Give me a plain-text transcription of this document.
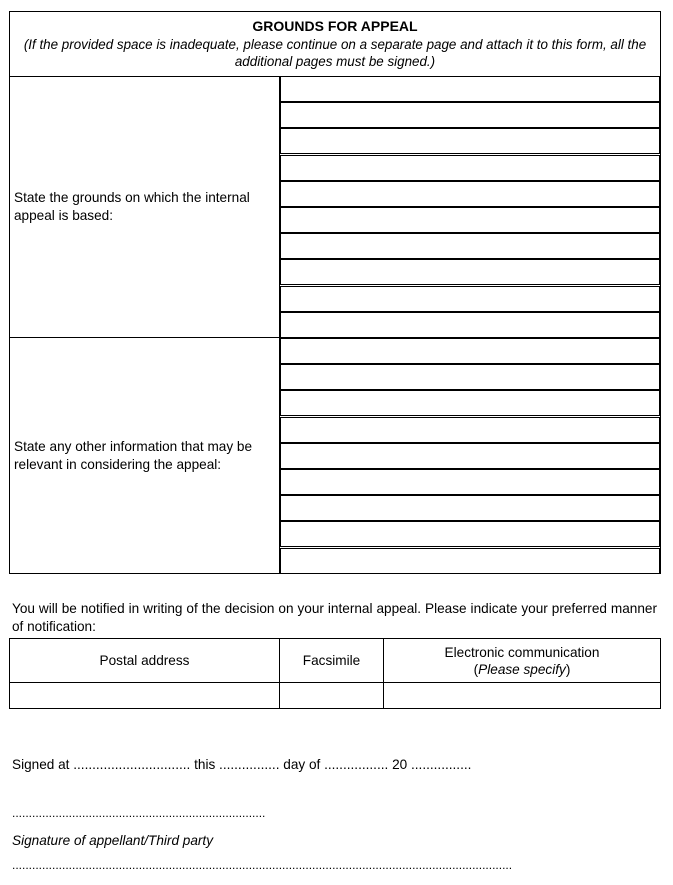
GROUNDS FOR APPEAL
(If the provided space is inadequate, please continue on a separate page and attach it to this form, all the additional pages must be signed.)
State the grounds on which the internal appeal is based:
State any other information that may be relevant in considering the appeal:
You will be notified in writing of the decision on your internal appeal. Please indicate your preferred manner of notification:
Postal address	Facsimile	Electronic communication
(Please specify)

Signed at ............................... this ................ day of ................. 20 ................
............................................................................
Signature of appellant/Third party
......................................................................................................................................................
